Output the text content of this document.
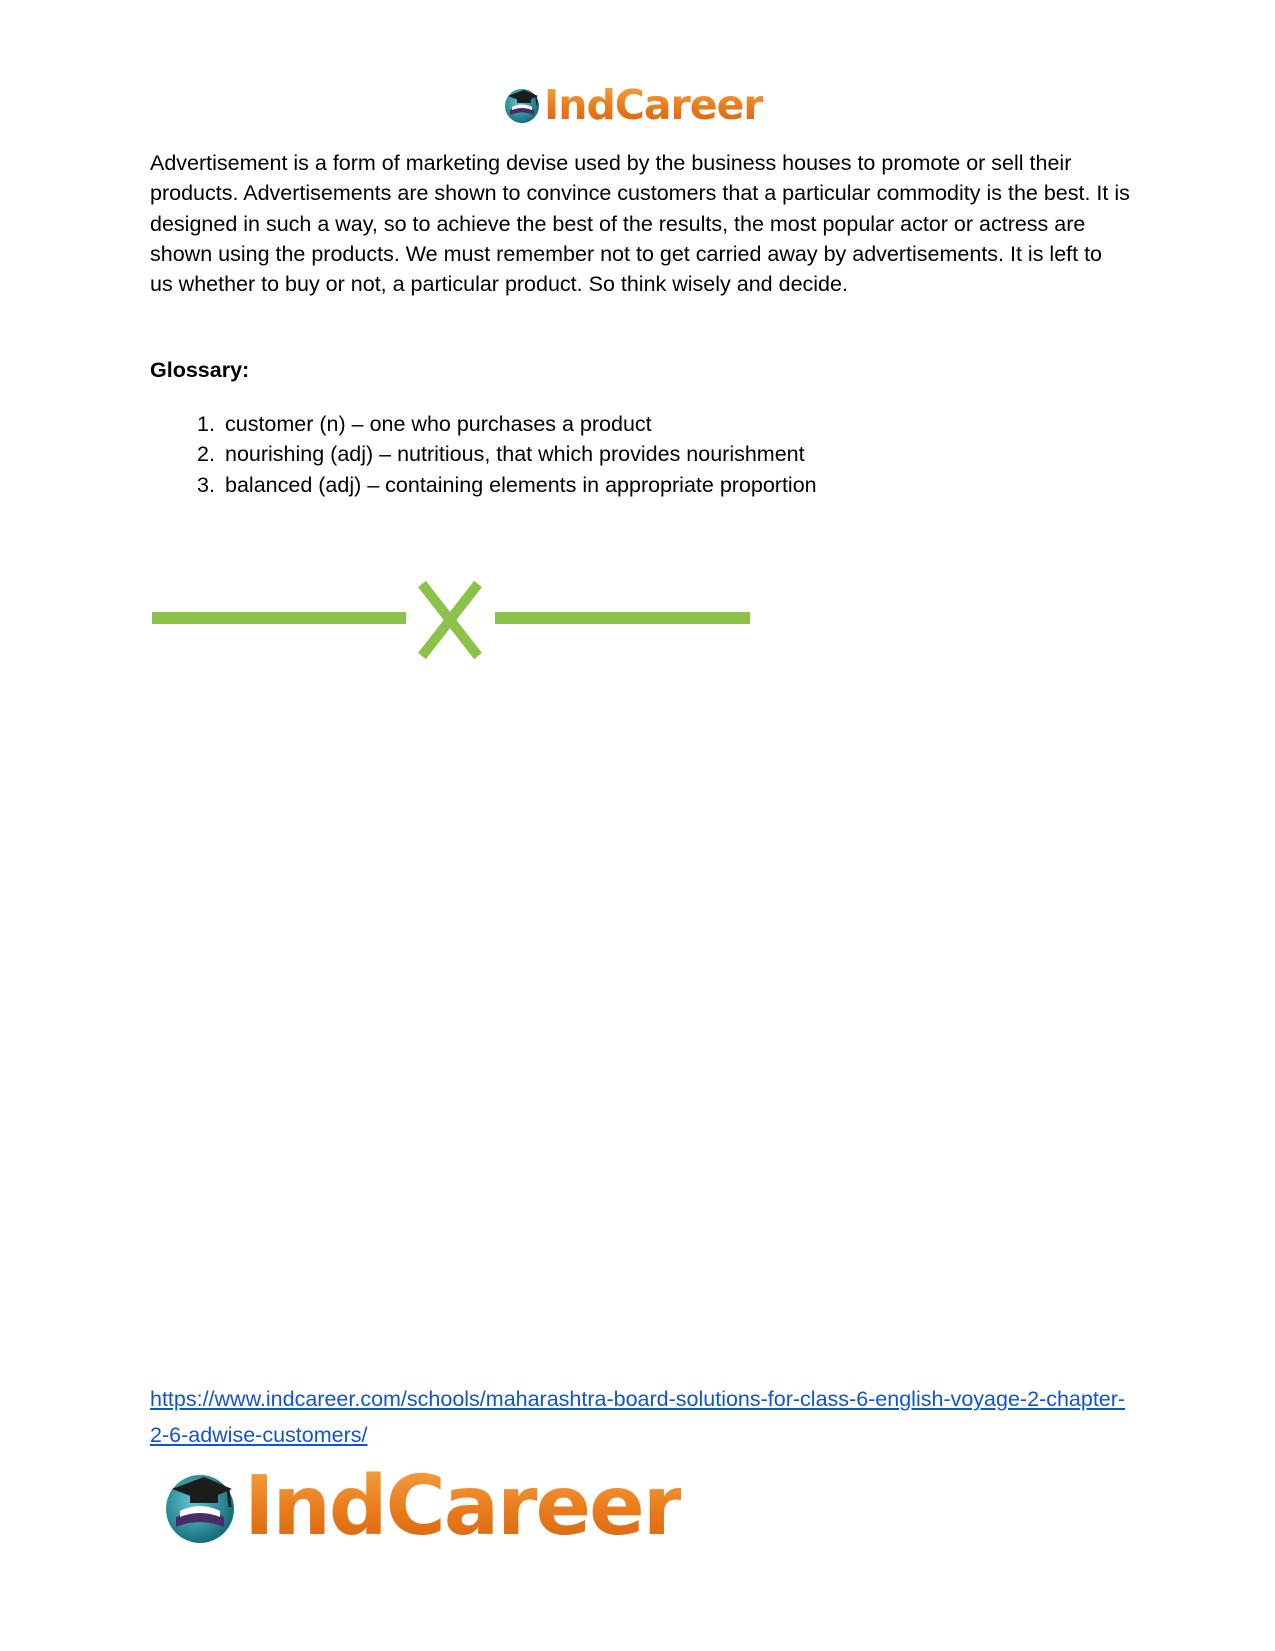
IndCareer

Advertisement is a form of marketing devise used by the business houses to promote or sell their products. Advertisements are shown to convince customers that a particular commodity is the best. It is designed in such a way, so to achieve the best of the results, the most popular actor or actress are shown using the products. We must remember not to get carried away by advertisements. It is left to us whether to buy or not, a particular product. So think wisely and decide.

Glossary:

1. customer (n) – one who purchases a product
2. nourishing (adj) – nutritious, that which provides nourishment
3. balanced (adj) – containing elements in appropriate proportion
https://www.indcareer.com/schools/maharashtra-board-solutions-for-class-6-english-voyage-2-chapter-2-6-adwise-customers/
IndCareer
